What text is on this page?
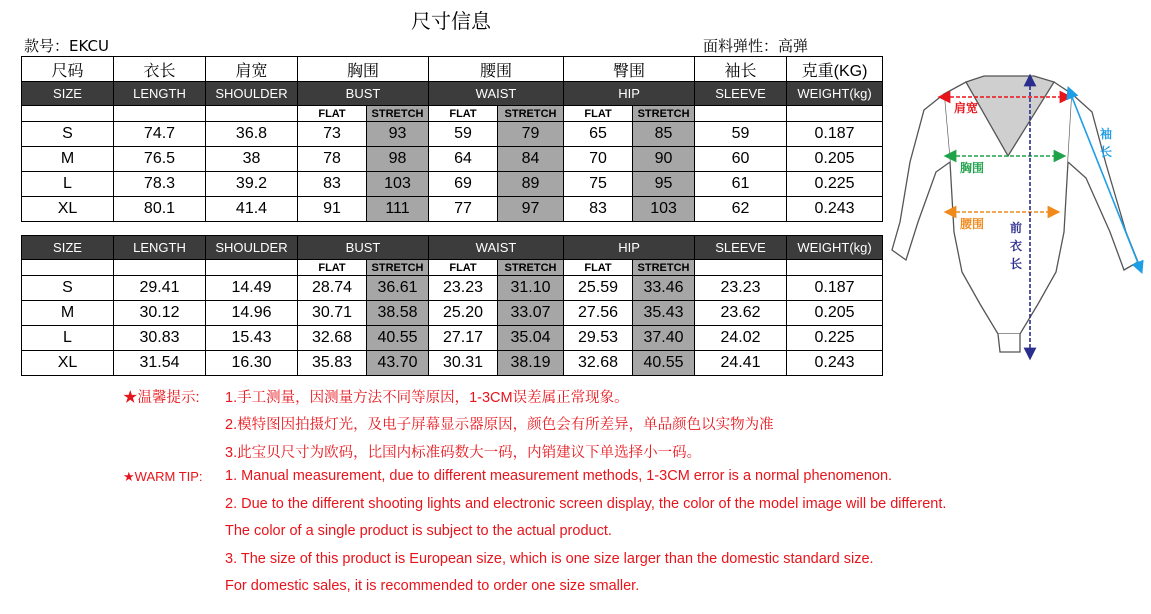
尺寸信息
款号：EKCU	面料弹性：高弹
尺码	衣长	肩宽	胸围		腰围		臀围		袖长	克重(KG)
SIZE	LENGTH	SHOULDER	BUST		WAIST		HIP		SLEEVE	WEIGHT(kg)
			FLAT	STRETCH	FLAT	STRETCH	FLAT	STRETCH		
S	74.7	36.8	73	93	59	79	65	85	59	0.187
M	76.5	38	78	98	64	84	70	90	60	0.205
L	78.3	39.2	83	103	69	89	75	95	61	0.225
XL	80.1	41.4	91	111	77	97	83	103	62	0.243
SIZE	LENGTH	SHOULDER	BUST		WAIST		HIP		SLEEVE	WEIGHT(kg)
			FLAT	STRETCH	FLAT	STRETCH	FLAT	STRETCH		
S	29.41	14.49	28.74	36.61	23.23	31.10	25.59	33.46	23.23	0.187
M	30.12	14.96	30.71	38.58	25.20	33.07	27.56	35.43	23.62	0.205
L	30.83	15.43	32.68	40.55	27.17	35.04	29.53	37.40	24.02	0.225
XL	31.54	16.30	35.83	43.70	30.31	38.19	32.68	40.55	24.41	0.243
肩宽
胸围
腰围
袖长
前衣长
★温馨提示: 1.手工测量，因测量方法不同等原因，1-3CM误差属正常现象。
2.模特图因拍摄灯光，及电子屏幕显示器原因，颜色会有所差异，单品颜色以实物为准
3.此宝贝尺寸为欧码，比国内标准码数大一码，内销建议下单选择小一码。
★WARM TIP: 1. Manual measurement, due to different measurement methods, 1-3CM error is a normal phenomenon.
2. Due to the different shooting lights and electronic screen display, the color of the model image will be different.
The color of a single product is subject to the actual product.
3. The size of this product is European size, which is one size larger than the domestic standard size.
For domestic sales, it is recommended to order one size smaller.
